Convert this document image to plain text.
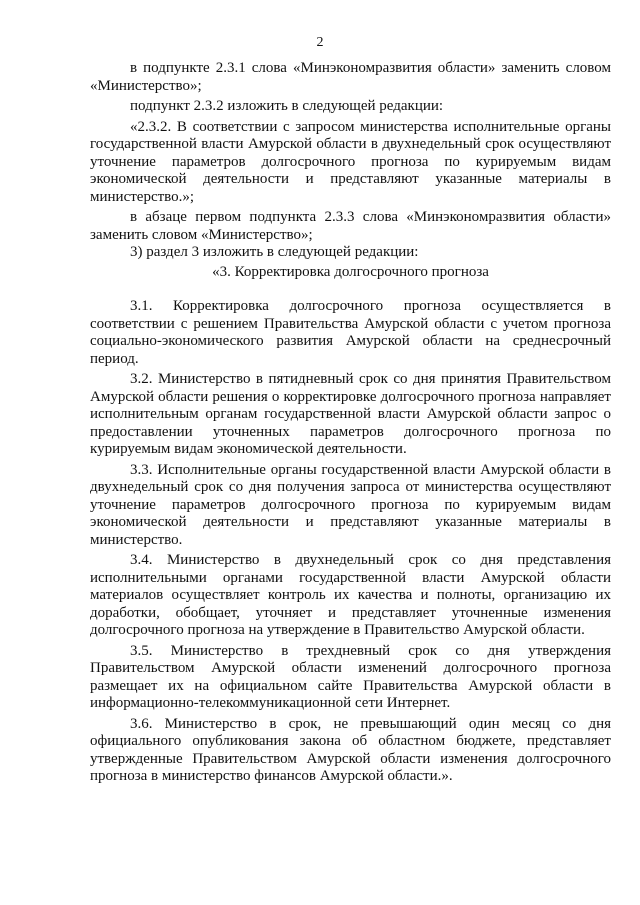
2

в подпункте 2.3.1 слова «Минэкономразвития области» заменить словом «Министерство»;

подпункт 2.3.2 изложить в следующей редакции:

«2.3.2. В соответствии с запросом министерства исполнительные органы государственной власти Амурской области в двухнедельный срок осуществляют уточнение параметров долгосрочного прогноза по курируемым видам экономической деятельности и представляют указанные материалы в министерство.»;

в абзаце первом подпункта 2.3.3 слова «Минэкономразвития области» заменить словом «Министерство»;

3) раздел 3 изложить в следующей редакции:

«3. Корректировка долгосрочного прогноза

3.1. Корректировка долгосрочного прогноза осуществляется в соответствии с решением Правительства Амурской области с учетом прогноза социально-экономического развития Амурской области на среднесрочный период.

3.2. Министерство в пятидневный срок со дня принятия Правительством Амурской области решения о корректировке долгосрочного прогноза направляет исполнительным органам государственной власти Амурской области запрос о предоставлении уточненных параметров долгосрочного прогноза по курируемым видам экономической деятельности.

3.3. Исполнительные органы государственной власти Амурской области в двухнедельный срок со дня получения запроса от министерства осуществляют уточнение параметров долгосрочного прогноза по курируемым видам экономической деятельности и представляют указанные материалы в министерство.

3.4. Министерство в двухнедельный срок со дня представления исполнительными органами государственной власти Амурской области материалов осуществляет контроль их качества и полноты, организацию их доработки, обобщает, уточняет и представляет уточненные изменения долгосрочного прогноза на утверждение в Правительство Амурской области.

3.5. Министерство в трехдневный срок со дня утверждения Правительством Амурской области изменений долгосрочного прогноза размещает их на официальном сайте Правительства Амурской области в информационно-телекоммуникационной сети Интернет.

3.6. Министерство в срок, не превышающий один месяц со дня официального опубликования закона об областном бюджете, представляет утвержденные Правительством Амурской области изменения долгосрочного прогноза в министерство финансов Амурской области.».
